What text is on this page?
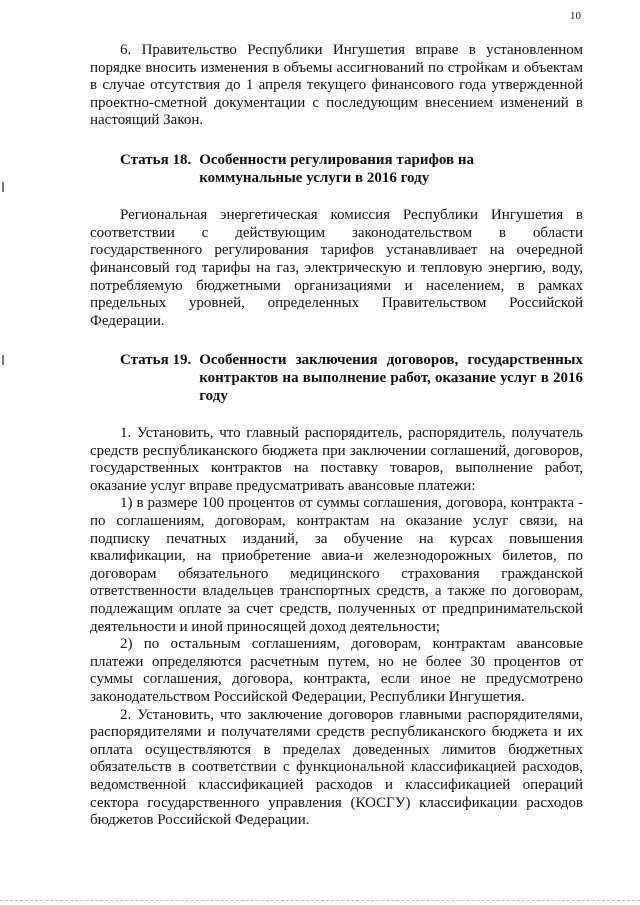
10

6. Правительство Республики Ингушетия вправе в установленном порядке вносить изменения в объемы ассигнований по стройкам и объектам в случае отсутствия до 1 апреля текущего финансового года утвержденной проектно-сметной документации с последующим внесением изменений в настоящий Закон.

Статья 18. Особенности регулирования тарифов на коммунальные услуги в 2016 году

Региональная энергетическая комиссия Республики Ингушетия в соответствии с действующим законодательством в области государственного регулирования тарифов устанавливает на очередной финансовый год тарифы на газ, электрическую и тепловую энергию, воду, потребляемую бюджетными организациями и населением, в рамках предельных уровней, определенных Правительством Российской Федерации.

Статья 19. Особенности заключения договоров, государственных контрактов на выполнение работ, оказание услуг в 2016 году

1. Установить, что главный распорядитель, распорядитель, получатель средств республиканского бюджета при заключении соглашений, договоров, государственных контрактов на поставку товаров, выполнение работ, оказание услуг вправе предусматривать авансовые платежи:

1) в размере 100 процентов от суммы соглашения, договора, контракта - по соглашениям, договорам, контрактам на оказание услуг связи, на подписку печатных изданий, за обучение на курсах повышения квалификации, на приобретение авиа-и железнодорожных билетов, по договорам обязательного медицинского страхования гражданской ответственности владельцев транспортных средств, а также по договорам, подлежащим оплате за счет средств, полученных от предпринимательской деятельности и иной приносящей доход деятельности;

2) по остальным соглашениям, договорам, контрактам авансовые платежи определяются расчетным путем, но не более 30 процентов от суммы соглашения, договора, контракта, если иное не предусмотрено законодательством Российской Федерации, Республики Ингушетия.

2. Установить, что заключение договоров главными распорядителями, распорядителями и получателями средств республиканского бюджета и их оплата осуществляются в пределах доведенных лимитов бюджетных обязательств в соответствии с функциональной классификацией расходов, ведомственной классификацией расходов и классификацией операций сектора государственного управления (КОСГУ) классификации расходов бюджетов Российской Федерации.
